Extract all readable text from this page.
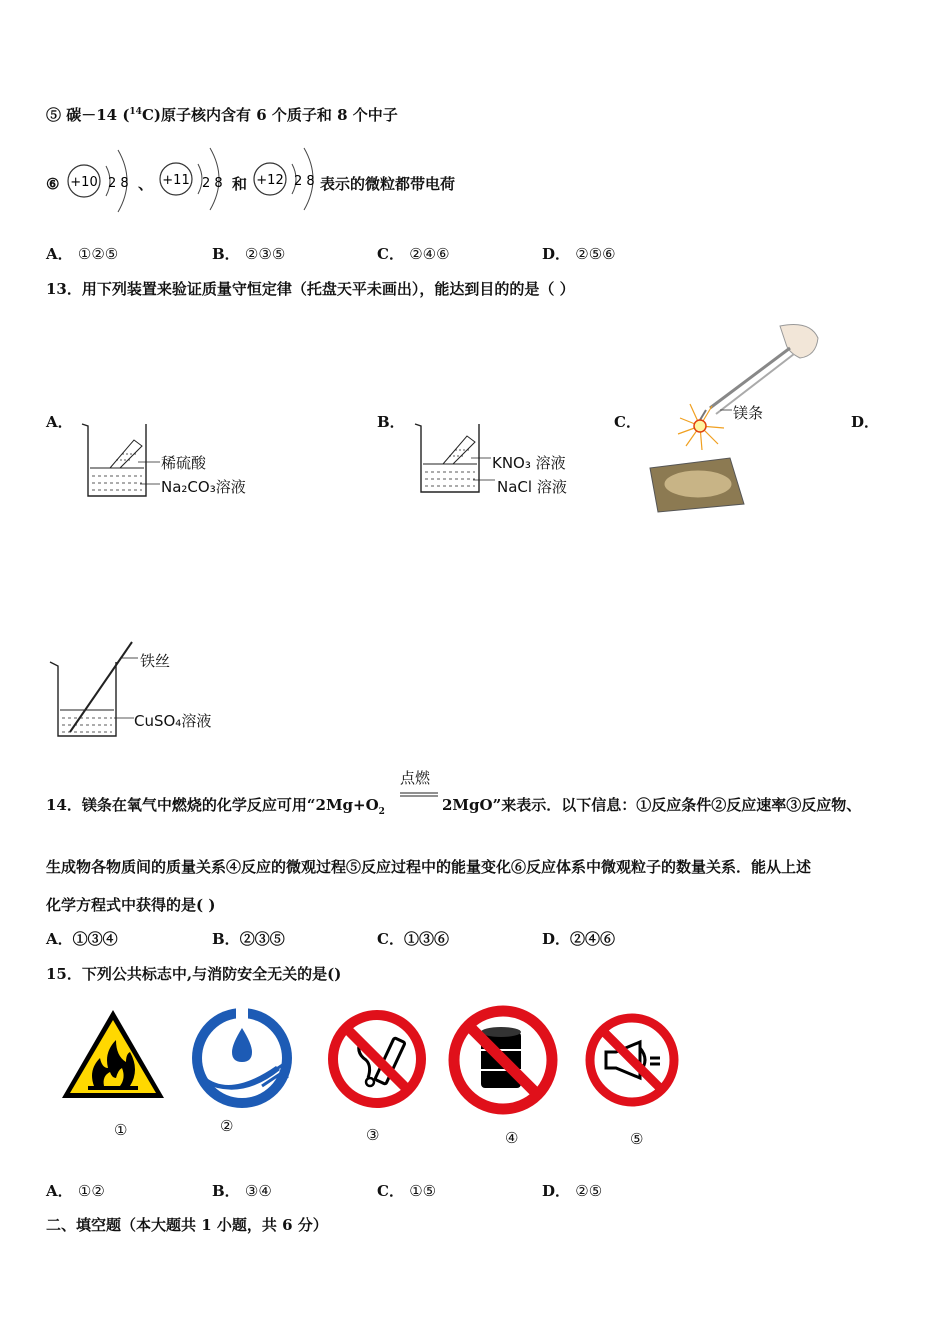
⑤ 碳－14 ($^{14}$C)原子核内含有 6 个质子和 8 个中子
⑥ +10 2 8 、 +11 2 8 和 +12 2 8 表示的微粒都带电荷
A． ①②⑤	B． ②③⑤	C． ②④⑥	D． ②⑤⑥
13．用下列装置来验证质量守恒定律（托盘天平未画出），能达到目的的是（ ）
A．
稀硫酸
Na₂CO₃溶液
B．
KNO₃ 溶液
NaCl 溶液
C．	镁条	D．
铁丝
CuSO₄溶液
14．镁条在氧气中燃烧的化学反应可用“$2Mg+O_2$
点燃
2MgO”来表示．以下信息：①反应条件②反应速率③反应物、
生成物各物质间的质量关系④反应的微观过程⑤反应过程中的能量变化⑥反应体系中微观粒子的数量关系．能从上述
化学方程式中获得的是( )
A．①③④	B．②③⑤	C．①③⑥	D．②④⑥
15．下列公共标志中,与消防安全无关的是()
①	②	③	④	⑤
A． ①②	B． ③④	C． ①⑤	D． ②⑤
二、填空题（本大题共 1 小题，共 6 分）
